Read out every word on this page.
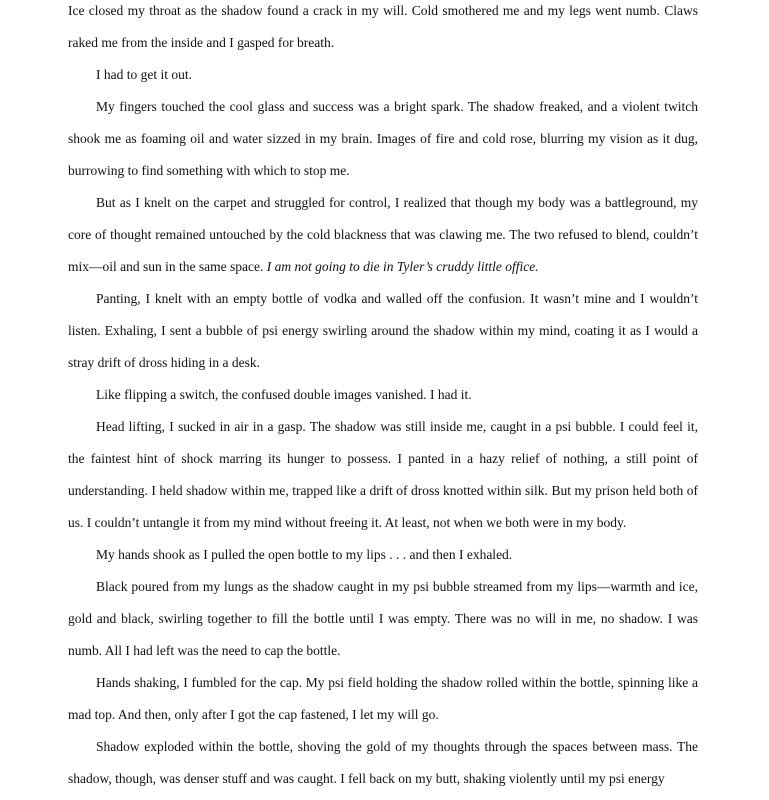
Ice closed my throat as the shadow found a crack in my will. Cold smothered me and my legs went numb. Claws raked me from the inside and I gasped for breath.

I had to get it out.

My fingers touched the cool glass and success was a bright spark. The shadow freaked, and a violent twitch shook me as foaming oil and water sizzed in my brain. Images of fire and cold rose, blurring my vision as it dug, burrowing to find something with which to stop me.

But as I knelt on the carpet and struggled for control, I realized that though my body was a battleground, my core of thought remained untouched by the cold blackness that was clawing me. The two refused to blend, couldn’t mix—oil and sun in the same space. I am not going to die in Tyler’s cruddy little office.

Panting, I knelt with an empty bottle of vodka and walled off the confusion. It wasn’t mine and I wouldn’t listen. Exhaling, I sent a bubble of psi energy swirling around the shadow within my mind, coating it as I would a stray drift of dross hiding in a desk.

Like flipping a switch, the confused double images vanished. I had it.

Head lifting, I sucked in air in a gasp. The shadow was still inside me, caught in a psi bubble. I could feel it, the faintest hint of shock marring its hunger to possess. I panted in a hazy relief of nothing, a still point of understanding. I held shadow within me, trapped like a drift of dross knotted within silk. But my prison held both of us. I couldn’t untangle it from my mind without freeing it. At least, not when we both were in my body.

My hands shook as I pulled the open bottle to my lips . . . and then I exhaled.

Black poured from my lungs as the shadow caught in my psi bubble streamed from my lips—warmth and ice, gold and black, swirling together to fill the bottle until I was empty. There was no will in me, no shadow. I was numb. All I had left was the need to cap the bottle.

Hands shaking, I fumbled for the cap. My psi field holding the shadow rolled within the bottle, spinning like a mad top. And then, only after I got the cap fastened, I let my will go.

Shadow exploded within the bottle, shoving the gold of my thoughts through the spaces between mass. The shadow, though, was denser stuff and was caught. I fell back on my butt, shaking violently until my psi energy
